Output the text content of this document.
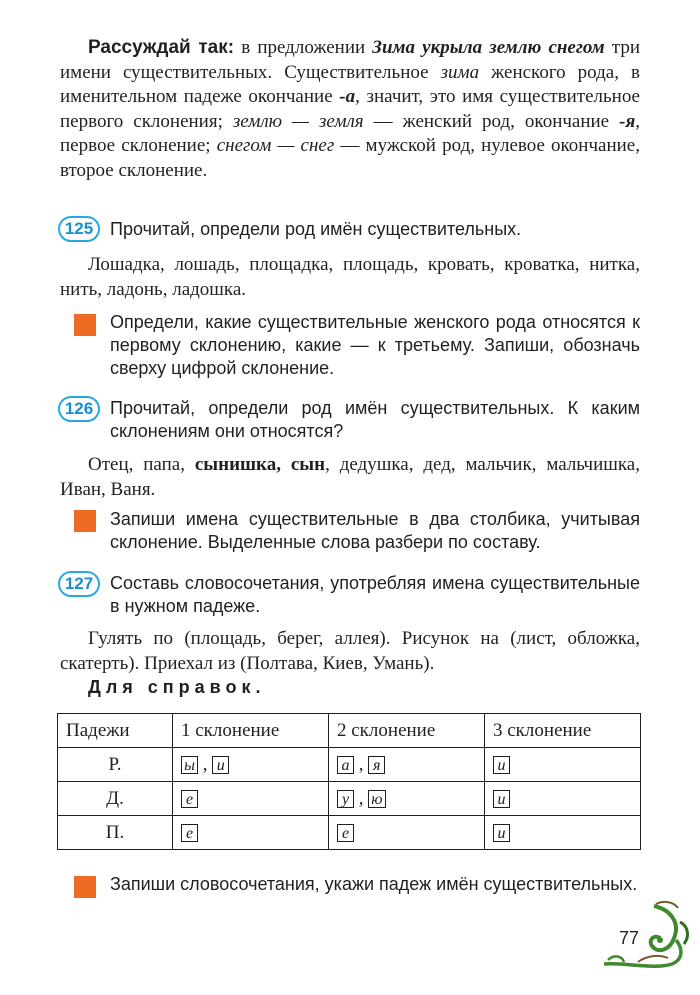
Рассуждай так: в предложении Зима укрыла землю снегом три имени существительных. Существительное зима женского рода, в именительном падеже окончание -а, значит, это имя существительное первого склонения; землю — земля — женский род, окончание -я, первое склонение; снегом — снег — мужской род, нулевое окончание, второе склонение.

125 Прочитай, определи род имён существительных.
Лошадка, лошадь, площадка, площадь, кровать, кроватка, нитка, нить, ладонь, ладошка.
Определи, какие существительные женского рода относятся к первому склонению, какие — к третьему. Запиши, обозначь сверху цифрой склонение.
126 Прочитай, определи род имён существительных. К каким склонениям они относятся?
Отец, папа, сынишка, сын, дедушка, дед, мальчик, мальчишка, Иван, Ваня.
Запиши имена существительные в два столбика, учитывая склонение. Выделенные слова разбери по составу.
127 Составь словосочетания, употребляя имена существительные в нужном падеже.
Гулять по (площадь, берег, аллея). Рисунок на (лист, обложка, скатерть). Приехал из (Полтава, Киев, Умань).
Для справок.
Падежи	1 склонение	2 склонение	3 склонение
Р.	ы , и	а , я	и
Д.	е	у , ю	и
П.	е	е	и
Запиши словосочетания, укажи падеж имён существительных.
77
